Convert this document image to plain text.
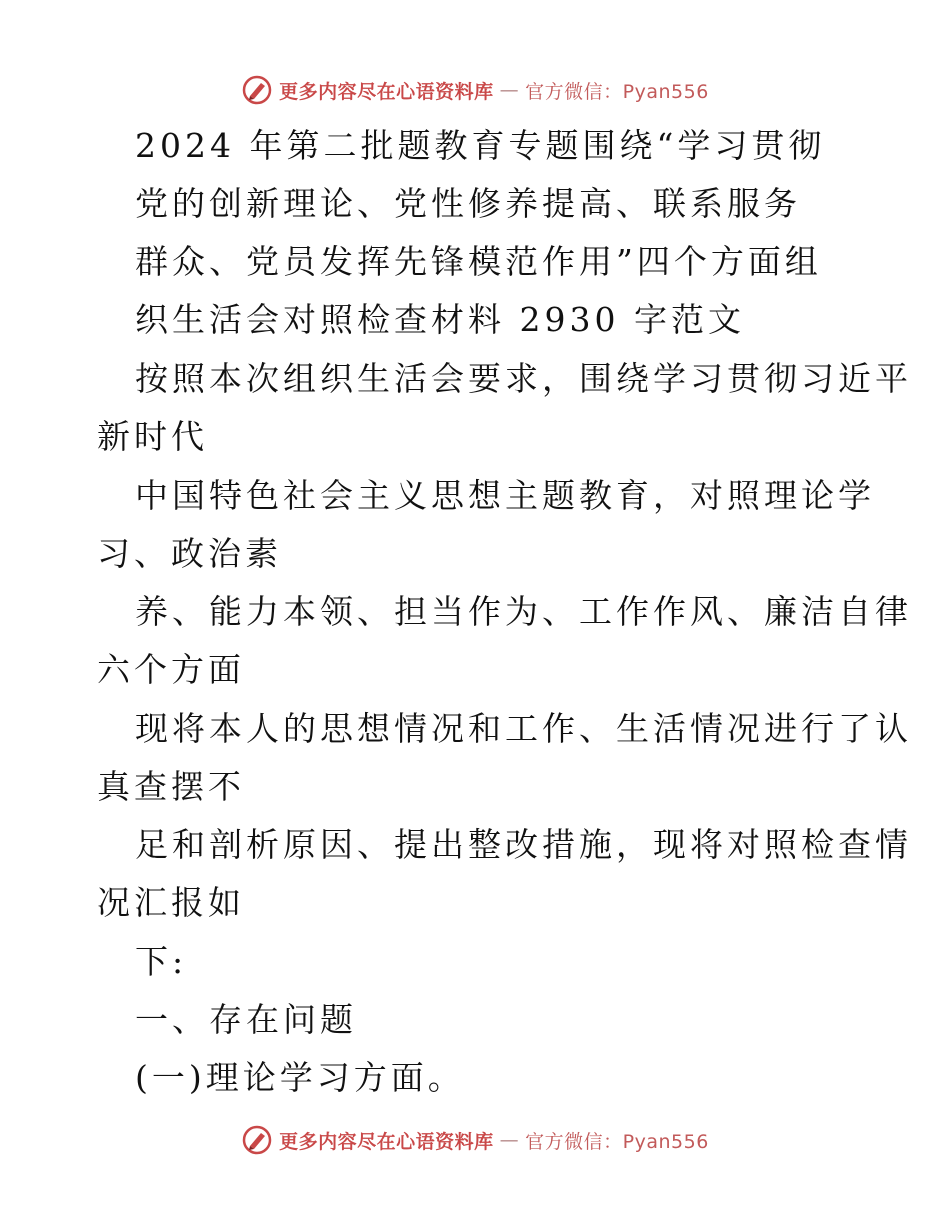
更多内容尽在心语资料库 — 官方微信：Pyan556
2024 年第二批题教育专题围绕“学习贯彻
党的创新理论、党性修养提高、联系服务
群众、党员发挥先锋模范作用”四个方面组
织生活会对照检查材料 2930 字范文
按照本次组织生活会要求，围绕学习贯彻习近平
新时代
中国特色社会主义思想主题教育，对照理论学
习、政治素
养、能力本领、担当作为、工作作风、廉洁自律
六个方面
现将本人的思想情况和工作、生活情况进行了认
真查摆不
足和剖析原因、提出整改措施，现将对照检查情
况汇报如
下:
一、存在问题
(一)理论学习方面。
更多内容尽在心语资料库 — 官方微信：Pyan556
